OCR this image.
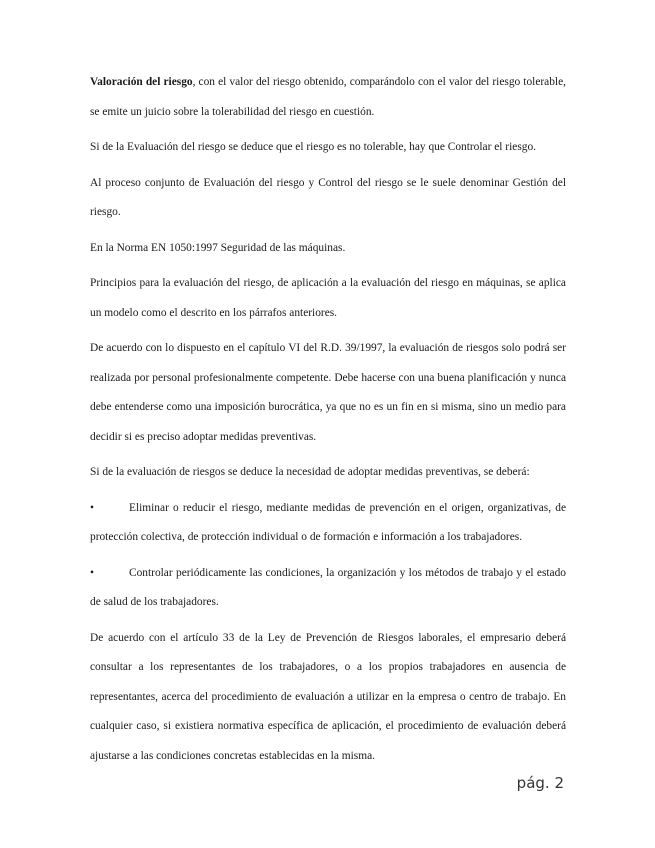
Valoración del riesgo, con el valor del riesgo obtenido, comparándolo con el valor del riesgo tolerable, se emite un juicio sobre la tolerabilidad del riesgo en cuestión.

Si de la Evaluación del riesgo se deduce que el riesgo es no tolerable, hay que Controlar el riesgo.

Al proceso conjunto de Evaluación del riesgo y Control del riesgo se le suele denominar Gestión del riesgo.

En la Norma EN 1050:1997 Seguridad de las máquinas.

Principios para la evaluación del riesgo, de aplicación a la evaluación del riesgo en máquinas, se aplica un modelo como el descrito en los párrafos anteriores.

De acuerdo con lo dispuesto en el capítulo VI del R.D. 39/1997, la evaluación de riesgos solo podrá ser realizada por personal profesionalmente competente. Debe hacerse con una buena planificación y nunca debe entenderse como una imposición burocrática, ya que no es un fin en si misma, sino un medio para decidir si es preciso adoptar medidas preventivas.

Si de la evaluación de riesgos se deduce la necesidad de adoptar medidas preventivas, se deberá:

•	Eliminar o reducir el riesgo, mediante medidas de prevención en el origen, organizativas, de protección colectiva, de protección individual o de formación e información a los trabajadores.
•	Controlar periódicamente las condiciones, la organización y los métodos de trabajo y el estado de salud de los trabajadores.

De acuerdo con el artículo 33 de la Ley de Prevención de Riesgos laborales, el empresario deberá consultar a los representantes de los trabajadores, o a los propios trabajadores en ausencia de representantes, acerca del procedimiento de evaluación a utilizar en la empresa o centro de trabajo. En cualquier caso, si existiera normativa específica de aplicación, el procedimiento de evaluación deberá ajustarse a las condiciones concretas establecidas en la misma.

pág. 2
